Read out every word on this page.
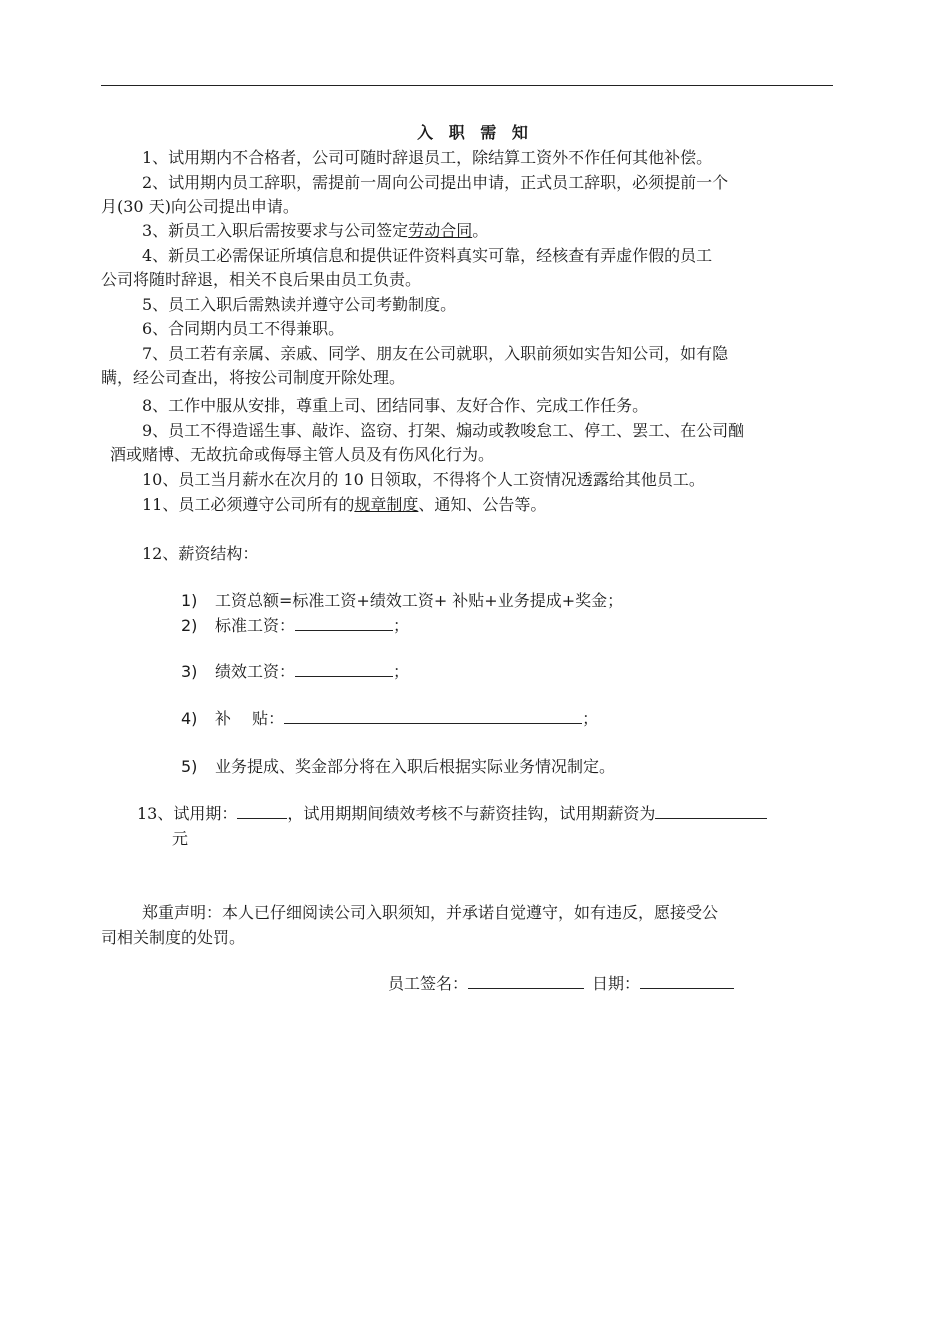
入 职 需 知
1、试用期内不合格者，公司可随时辞退员工，除结算工资外不作任何其他补偿。
2、试用期内员工辞职，需提前一周向公司提出申请，正式员工辞职，必须提前一个
月(30 天)向公司提出申请。
3、新员工入职后需按要求与公司签定劳动合同。
4、新员工必需保证所填信息和提供证件资料真实可靠，经核查有弄虚作假的员工
公司将随时辞退，相关不良后果由员工负责。
5、员工入职后需熟读并遵守公司考勤制度。
6、合同期内员工不得兼职。
7、员工若有亲属、亲戚、同学、朋友在公司就职，入职前须如实告知公司，如有隐
瞒，经公司查出，将按公司制度开除处理。
8、工作中服从安排，尊重上司、团结同事、友好合作、完成工作任务。
9、员工不得造谣生事、敲诈、盗窃、打架、煽动或教唆怠工、停工、罢工、在公司酗
酒或赌博、无故抗命或侮辱主管人员及有伤风化行为。
10、员工当月薪水在次月的 10 日领取，不得将个人工资情况透露给其他员工。
11、员工必须遵守公司所有的规章制度、通知、公告等。
12、薪资结构：
1) 工资总额=标准工资+绩效工资+ 补贴+业务提成+奖金；
2) 标准工资：	；
3) 绩效工资：	；
4) 补　 贴：	；
5) 业务提成、奖金部分将在入职后根据实际业务情况制定。
13、试用期：	，试用期期间绩效考核不与薪资挂钩，试用期薪资为
元
郑重声明：本人已仔细阅读公司入职须知，并承诺自觉遵守，如有违反，愿接受公
司相关制度的处罚。
员工签名：	日期：
